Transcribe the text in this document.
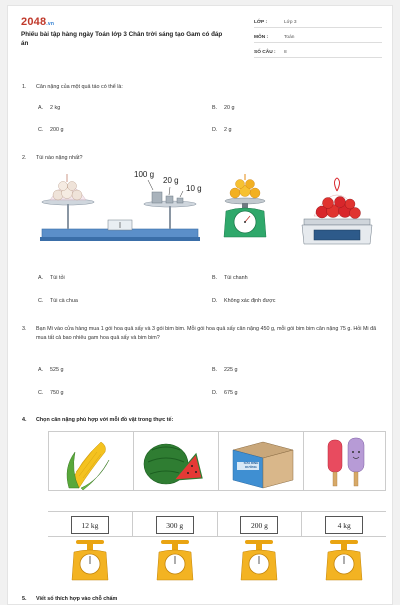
2048.vn
Phiếu bài tập hàng ngày Toán lớp 3 Chân trời sáng tạo Gam có đáp án
LỚP :	Lớp 3
MÔN :	Toán
SỐ CÂU :	8
1. Cân nặng của một quả táo có thể là:
A. 2 kg	B. 20 g
C. 200 g	D. 2 g
2. Túi nào nặng nhất?
100 g
20 g
10 g
A. Túi tỏi	B. Túi chanh
C. Túi cà chua	D. Không xác định được
3. Bạn Mi vào cửa hàng mua 1 gói hoa quả sấy và 3 gói bim bim. Mỗi gói hoa quả sấy cân nặng 450 g, mỗi gói bim bim cân nặng 75 g. Hỏi Mi đã mua tất cả bao nhiêu gam hoa quả sấy và bim bim?
A. 525 g	B. 225 g
C. 750 g	D. 675 g
4. Chọn cân nặng phù hợp với mỗi đồ vật trong thực tế:
SỮA DINH DƯỠNG
12 kg	300 g	200 g	4 kg
5. Viết số thích hợp vào chỗ chấm
